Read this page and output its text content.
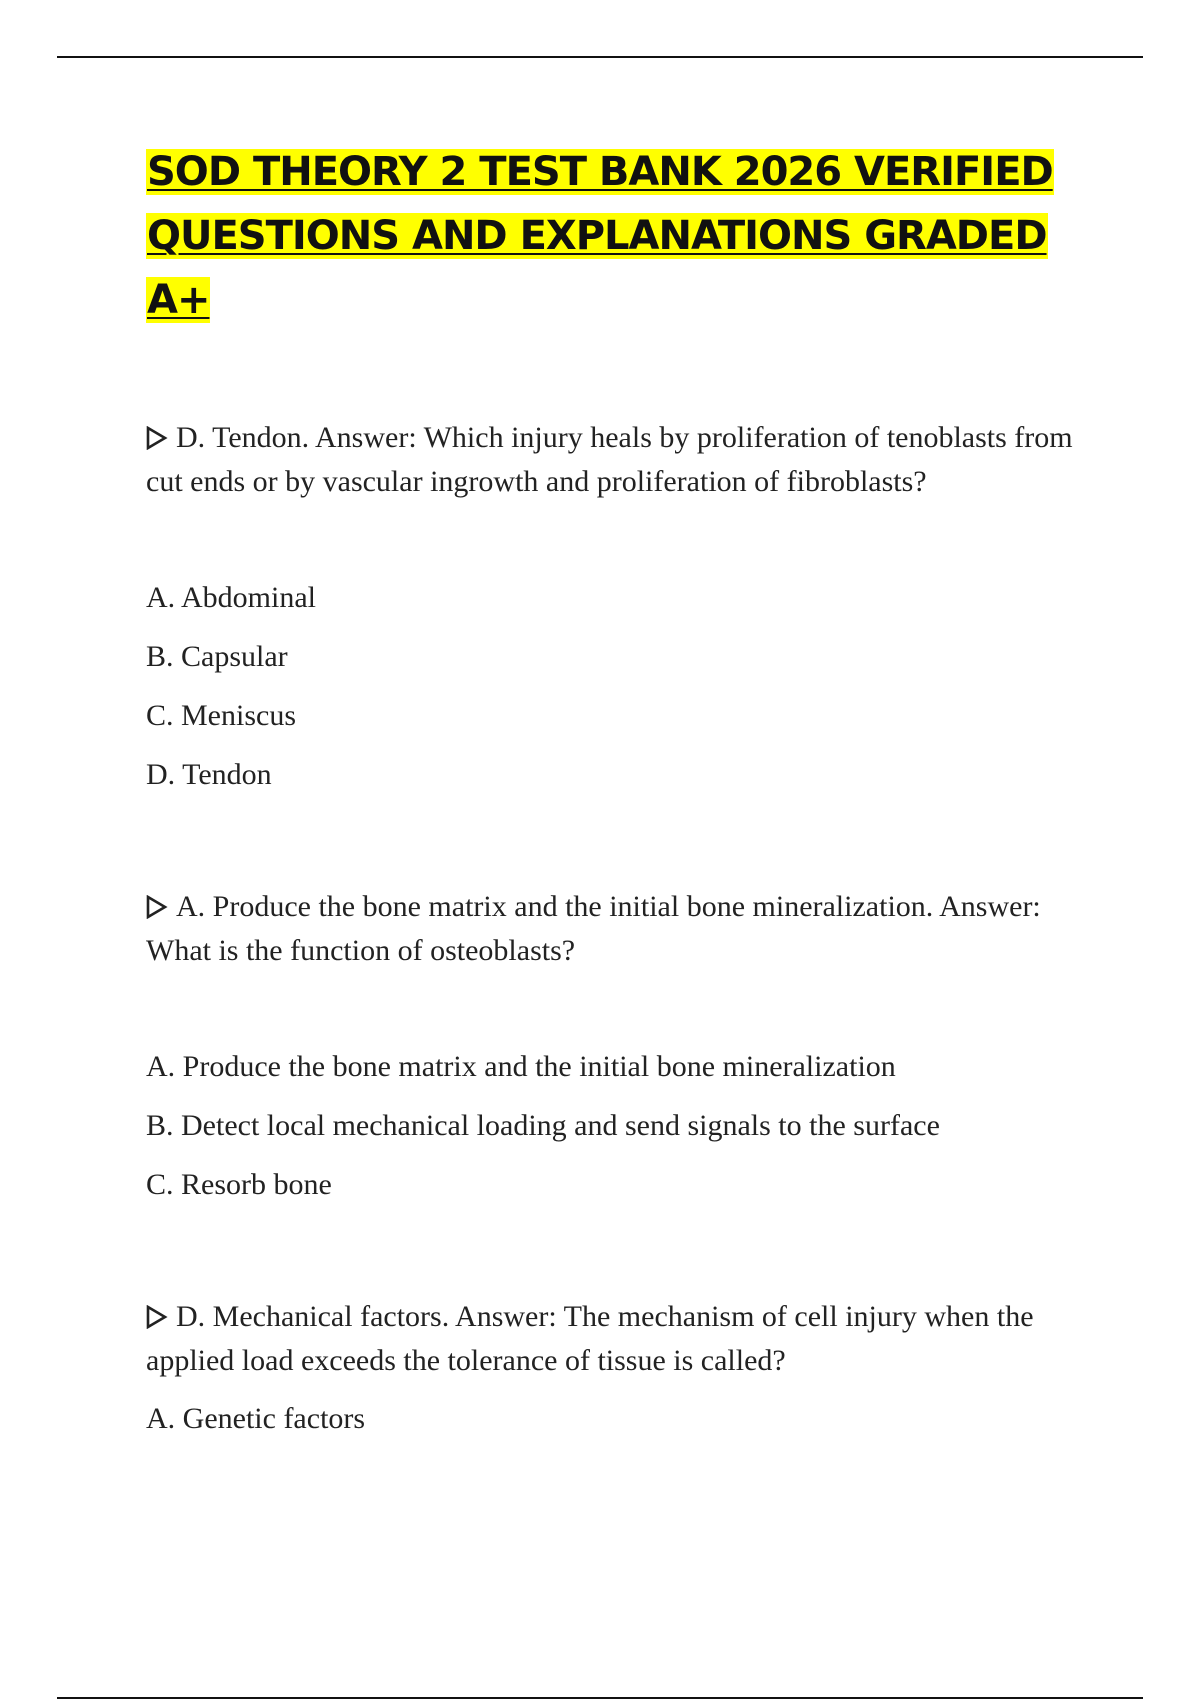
SOD THEORY 2 TEST BANK 2026 VERIFIED QUESTIONS AND EXPLANATIONS GRADED A+

D. Tendon. Answer: Which injury heals by proliferation of tenoblasts from cut ends or by vascular ingrowth and proliferation of fibroblasts?

A. Abdominal
B. Capsular
C. Meniscus
D. Tendon

A. Produce the bone matrix and the initial bone mineralization. Answer: What is the function of osteoblasts?

A. Produce the bone matrix and the initial bone mineralization
B. Detect local mechanical loading and send signals to the surface
C. Resorb bone

D. Mechanical factors. Answer: The mechanism of cell injury when the applied load exceeds the tolerance of tissue is called?

A. Genetic factors
